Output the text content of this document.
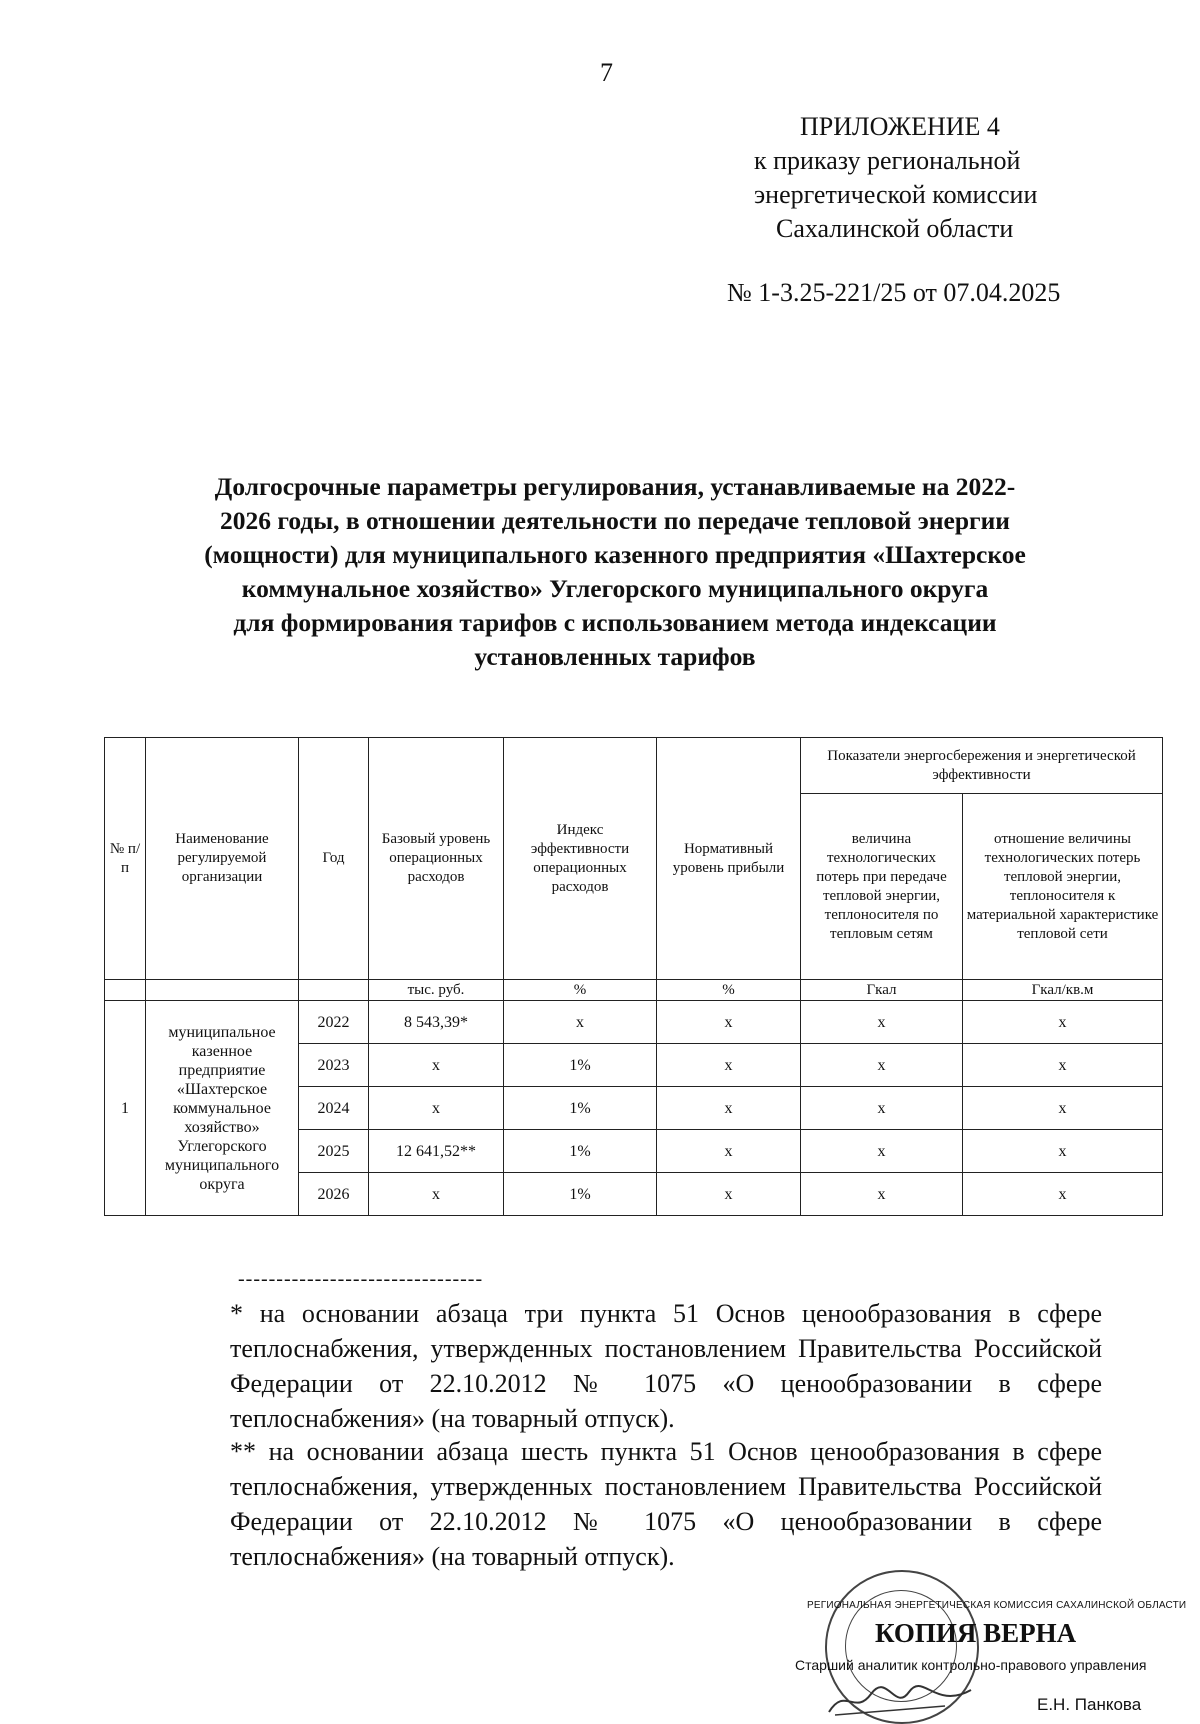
7
ПРИЛОЖЕНИЕ 4
к приказу региональной
энергетической комиссии
Сахалинской области
№ 1-3.25-221/25 от 07.04.2025
Долгосрочные параметры регулирования, устанавливаемые на 2022-
2026 годы, в отношении деятельности по передаче тепловой энергии
(мощности) для муниципального казенного предприятия «Шахтерское
коммунальное хозяйство» Углегорского муниципального округа
для формирования тарифов с использованием метода индексации
установленных тарифов
№ п/п	Наименование регулируемой организации	Год	Базовый уровень операционных расходов	Индекс эффективности операционных расходов	Нормативный уровень прибыли	Показатели энергосбережения и энергетической эффективности	
						величина технологических потерь при передаче тепловой энергии, теплоносителя по тепловым сетям	отношение величины технологических потерь тепловой энергии, теплоносителя к материальной характеристике тепловой сети
			тыс. руб.	%	%	Гкал	Гкал/кв.м
1	муниципальное казенное предприятие «Шахтерское коммунальное хозяйство» Углегорского муниципального округа	2022	8 543,39*	x	x	x	x
		2023	x	1%	x	x	x
		2024	x	1%	x	x	x
		2025	12 641,52**	1%	x	x	x
		2026	x	1%	x	x	x
--------------------------------
* на основании абзаца три пункта 51 Основ ценообразования в сфере теплоснабжения, утвержденных постановлением Правительства Российской Федерации от 22.10.2012 № 1075 «О ценообразовании в сфере теплоснабжения» (на товарный отпуск).
** на основании абзаца шесть пункта 51 Основ ценообразования в сфере теплоснабжения, утвержденных постановлением Правительства Российской Федерации от 22.10.2012 № 1075 «О ценообразовании в сфере теплоснабжения» (на товарный отпуск).
РЕГИОНАЛЬНАЯ ЭНЕРГЕТИЧЕСКАЯ КОМИССИЯ САХАЛИНСКОЙ ОБЛАСТИ
КОПИЯ ВЕРНА
Старший аналитик контрольно-правового управления
Е.Н. Панкова
